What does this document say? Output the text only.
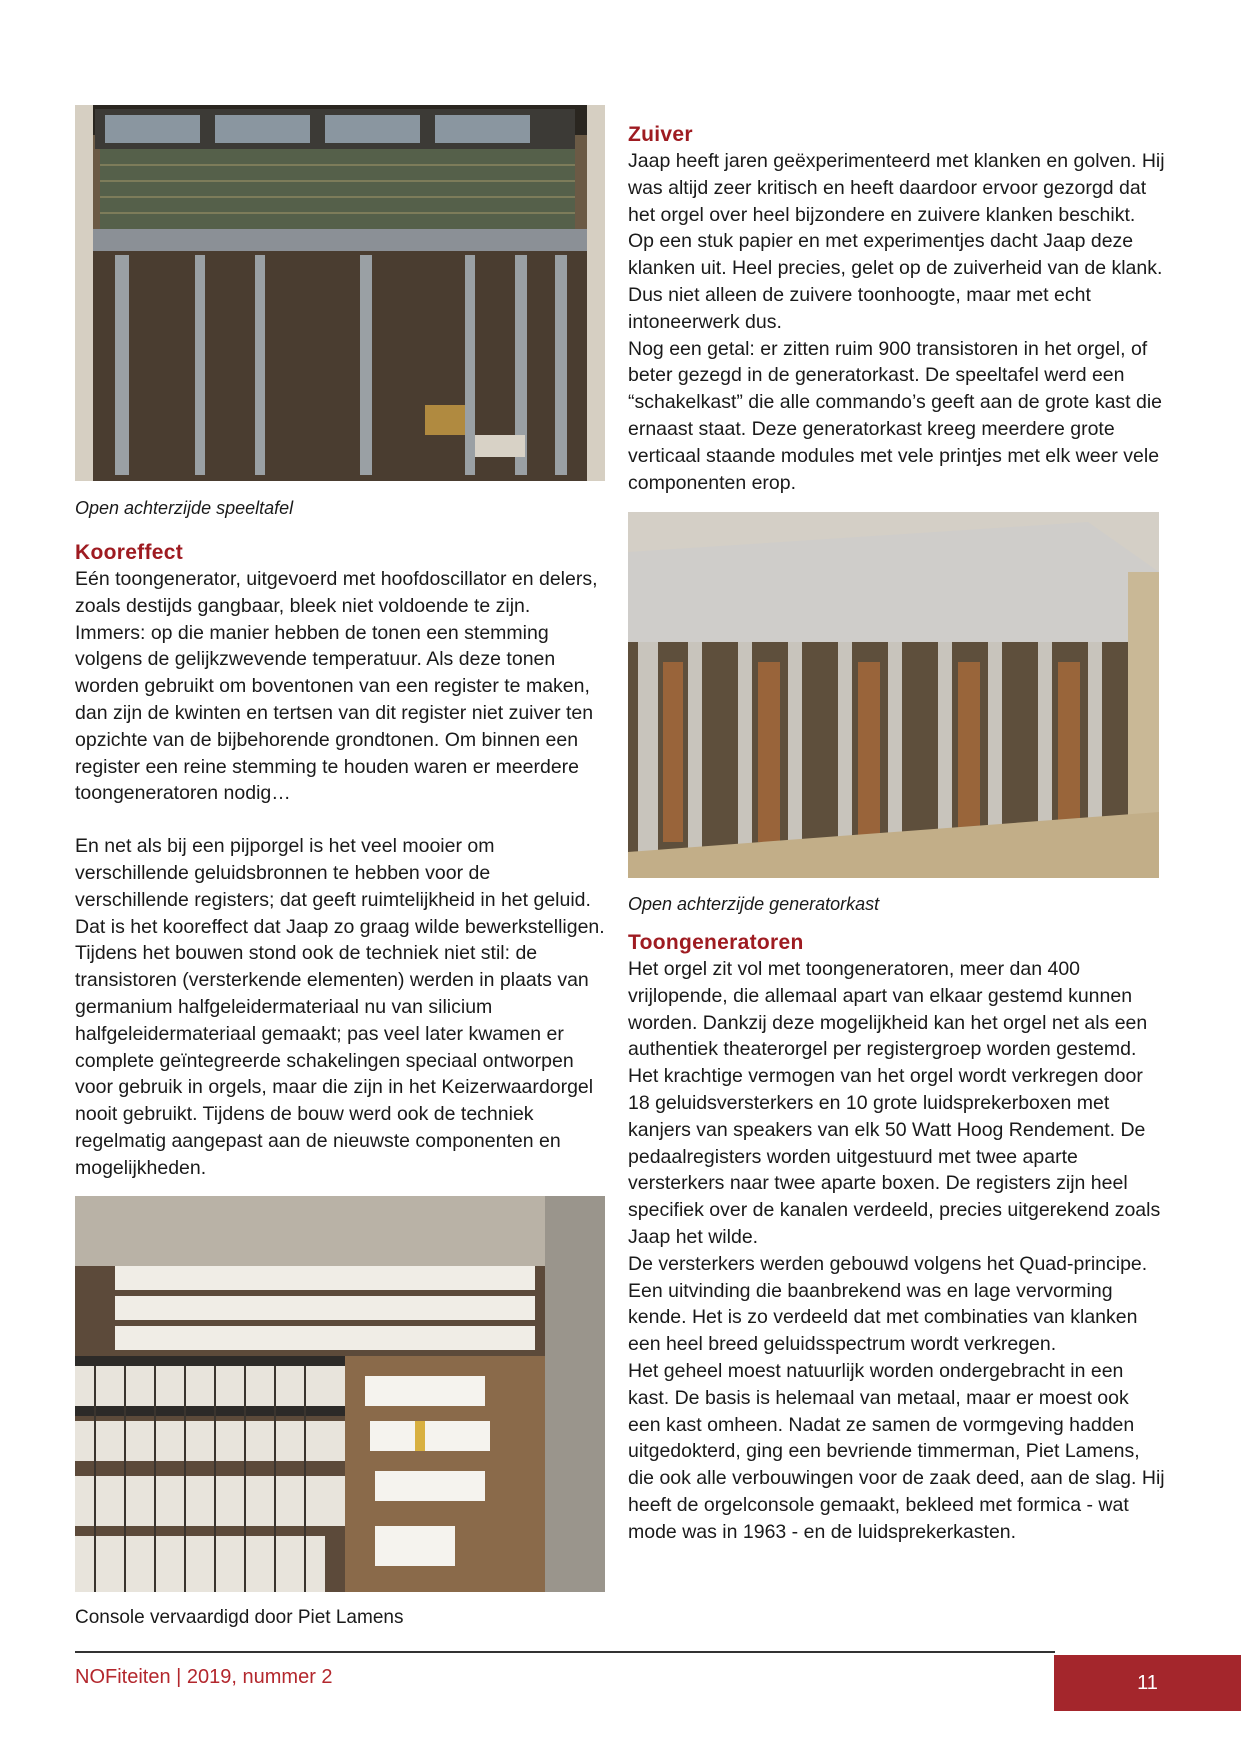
Open achterzijde speeltafel
Kooreffect

Eén toongenerator, uitgevoerd met hoofdoscillator en delers, zoals destijds gangbaar, bleek niet voldoende te zijn. Immers: op die manier hebben de tonen een stemming volgens de gelijkzwevende temperatuur. Als deze tonen worden gebruikt om boventonen van een register te maken, dan zijn de kwinten en tertsen van dit register niet zuiver ten opzichte van de bijbehorende grondtonen. Om binnen een register een reine stemming te houden waren er meerdere toongeneratoren nodig…

En net als bij een pijporgel is het veel mooier om verschillende geluidsbronnen te hebben voor de verschillende registers; dat geeft ruimtelijkheid in het geluid. Dat is het kooreffect dat Jaap zo graag wilde bewerkstelligen.

Tijdens het bouwen stond ook de techniek niet stil: de transistoren (versterkende elementen) werden in plaats van germanium halfgeleidermateriaal nu van silicium halfgeleidermateriaal gemaakt; pas veel later kwamen er complete geïntegreerde schakelingen speciaal ontworpen voor gebruik in orgels, maar die zijn in het Keizerwaardorgel nooit gebruikt. Tijdens de bouw werd ook de techniek regelmatig aangepast aan de nieuwste componenten en mogelijkheden.

Console vervaardigd door Piet Lamens
Zuiver

Jaap heeft jaren geëxperimenteerd met klanken en golven. Hij was altijd zeer kritisch en heeft daardoor ervoor gezorgd dat het orgel over heel bijzondere en zuivere klanken beschikt. Op een stuk papier en met experimentjes dacht Jaap deze klanken uit. Heel precies, gelet op de zuiverheid van de klank. Dus niet alleen de zuivere toonhoogte, maar met echt intoneerwerk dus.

Nog een getal: er zitten ruim 900 transistoren in het orgel, of beter gezegd in de generatorkast. De speeltafel werd een “schakelkast” die alle commando’s geeft aan de grote kast die ernaast staat. Deze generatorkast kreeg meerdere grote verticaal staande modules met vele printjes met elk weer vele componenten erop.

Open achterzijde generatorkast
Toongeneratoren

Het orgel zit vol met toongeneratoren, meer dan 400 vrijlopende, die allemaal apart van elkaar gestemd kunnen worden. Dankzij deze mogelijkheid kan het orgel net als een authentiek theaterorgel per registergroep worden gestemd.

Het krachtige vermogen van het orgel wordt verkregen door 18 geluidsversterkers en 10 grote luidsprekerboxen met kanjers van speakers van elk 50 Watt Hoog Rendement. De pedaalregisters worden uitgestuurd met twee aparte versterkers naar twee aparte boxen. De registers zijn heel specifiek over de kanalen verdeeld, precies uitgerekend zoals Jaap het wilde.

De versterkers werden gebouwd volgens het Quad-principe. Een uitvinding die baanbrekend was en lage vervorming kende. Het is zo verdeeld dat met combinaties van klanken een heel breed geluidsspectrum wordt verkregen.

Het geheel moest natuurlijk worden ondergebracht in een kast. De basis is helemaal van metaal, maar er moest ook een kast omheen. Nadat ze samen de vormgeving hadden uitgedokterd, ging een bevriende timmerman, Piet Lamens, die ook alle verbouwingen voor de zaak deed, aan de slag. Hij heeft de orgelconsole gemaakt, bekleed met formica - wat mode was in 1963 - en de luidsprekerkasten.

NOFiteiten | 2019, nummer 2	11
